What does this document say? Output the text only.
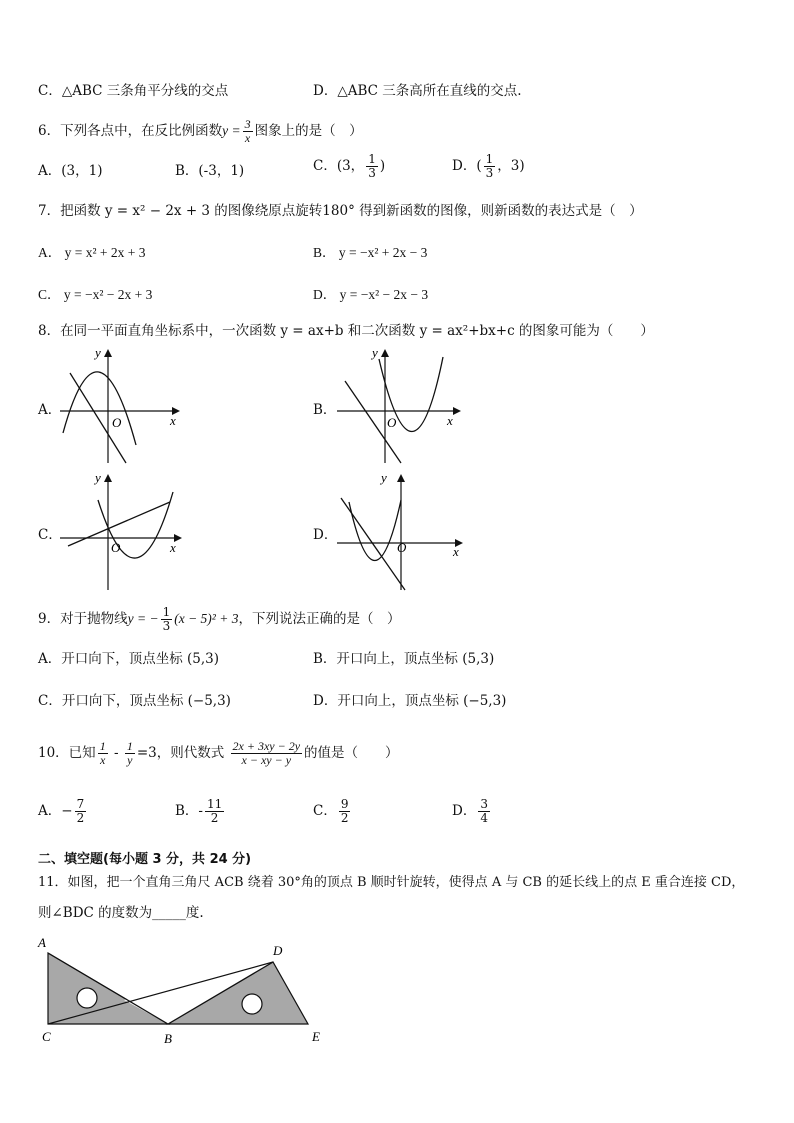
C．△ABC 三条角平分线的交点	D．△ABC 三条高所在直线的交点.
6．下列各点中，在反比例函数$y = \frac{3}{x}$ 图象上的是（　）
A．(3，1)	B．(-3，1)	C．(3， $\frac{1}{3}$ )	D．( $\frac{1}{3}$ ，3)
7．把函数 y = x² − 2x + 3 的图像绕原点旋转180° 得到新函数的图像，则新函数的表达式是（　）
A． y = x² + 2x + 3	B． y = −x² + 2x − 3
C． y = −x² − 2x + 3	D． y = −x² − 2x − 3
8．在同一平面直角坐标系中，一次函数 y = ax+b 和二次函数 y = ax²+bx+c 的图象可能为（　　）
A．
O	x
y
B．
O	x
y
C．
O	x
y
D．
O	x
y
9．对于抛物线y = − $\frac{1}{3} (x - 5)^2 + 3$，下列说法正确的是（　）
A．开口向下，顶点坐标 (5,3)	B．开口向上，顶点坐标 (5,3)
C．开口向下，顶点坐标 (−5,3)	D．开口向上，顶点坐标 (−5,3)
10．已知 $\frac{1}{x} - \frac{1}{y} =3$，则代数式 $\frac{2x + 3xy - 2y}{x - xy - y}$ 的值是（　　）
A．− $\frac{7}{2}$	B．- $\frac{11}{2}$	C． $\frac{9}{2}$	D． $\frac{3}{4}$
二、填空题(每小题 3 分，共 24 分)
11．如图，把一个直角三角尺 ACB 绕着 30°角的顶点 B 顺时针旋转，使得点 A 与 CB 的延长线上的点 E 重合连接 CD，
则∠BDC 的度数为_____度.
A
C	B
D
E
